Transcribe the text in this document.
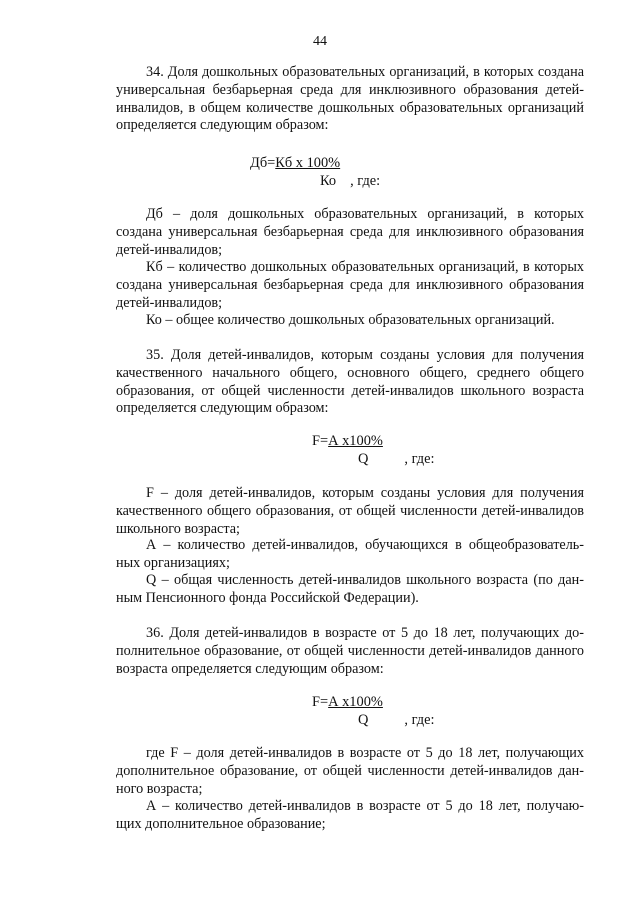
44

34. Доля дошкольных образовательных организаций, в которых создана универсальная безбарьерная среда для инклюзивного образования детей-инвалидов, в общем количестве дошкольных образовательных организаций определяется следующим образом:

Дб=Кб х 100%
Ко , где:

Дб – доля дошкольных образовательных организаций, в которых создана универсальная безбарьерная среда для инклюзивного образования детей-инвалидов;

Кб – количество дошкольных образовательных организаций, в которых создана универсальная безбарьерная среда для инклюзивного образования детей-инвалидов;

Ко – общее количество дошкольных образовательных организаций.

35. Доля детей-инвалидов, которым созданы условия для получения качественного начального общего, основного общего, среднего общего образования, от общей численности детей-инвалидов школьного возраста определяется следующим образом:

F=А х100%
Q	, где:

F – доля детей-инвалидов, которым созданы условия для получения качественного общего образования, от общей численности детей-инвалидов школьного возраста;

А – количество детей-инвалидов, обучающихся в общеобразователь-ных организациях;

Q – общая численность детей-инвалидов школьного возраста (по дан-ным Пенсионного фонда Российской Федерации).

36. Доля детей-инвалидов в возрасте от 5 до 18 лет, получающих до-полнительное образование, от общей численности детей-инвалидов данного возраста определяется следующим образом:

F=А х100%
Q	, где:

где F – доля детей-инвалидов в возрасте от 5 до 18 лет, получающих дополнительное образование, от общей численности детей-инвалидов дан-ного возраста;

А – количество детей-инвалидов в возрасте от 5 до 18 лет, получаю-щих дополнительное образование;
